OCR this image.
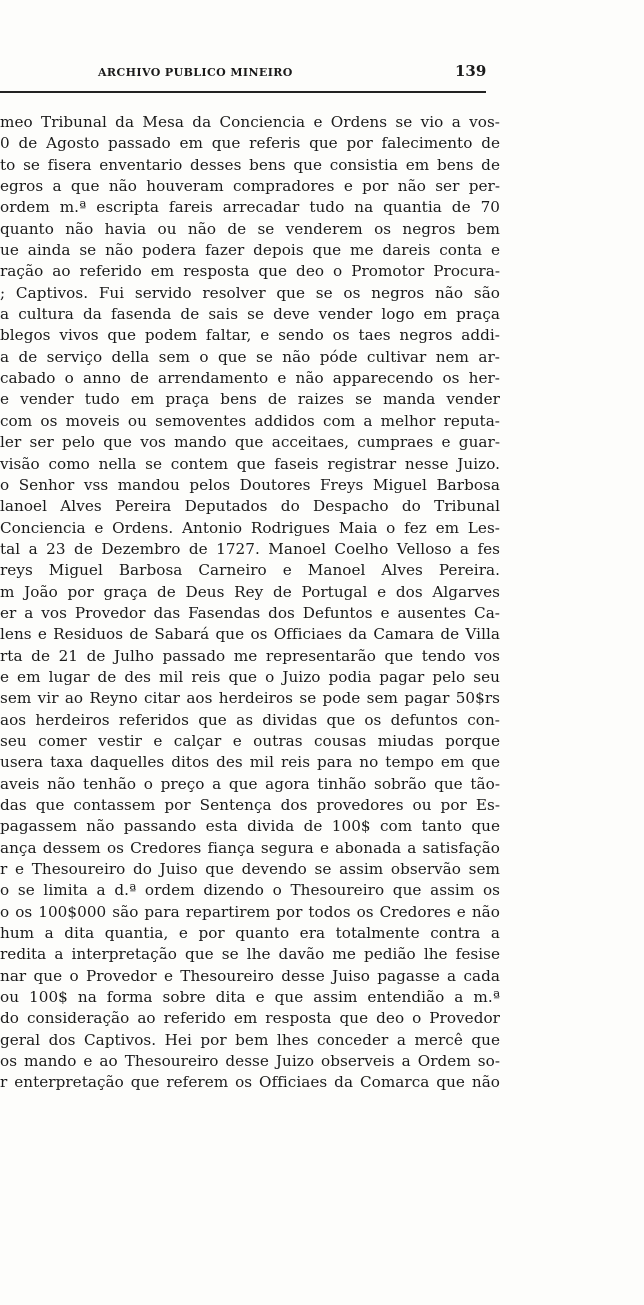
ARCHIVO PUBLICO MINEIRO	139
meo Tribunal da Mesa da Conciencia e Ordens se vio a vos-
0 de Agosto passado em que referis que por falecimento de
to se fisera enventario desses bens que consistia em bens de
egros a que não houveram compradores e por não ser per-
ordem m.ª escripta fareis arrecadar tudo na quantia de 70
quanto não havia ou não de se venderem os negros bem
ue ainda se não podera fazer depois que me dareis conta e
ração ao referido em resposta que deo o Promotor Procura-
; Captivos. Fui servido resolver que se os negros não são
a cultura da fasenda de sais se deve vender logo em praça
blegos vivos que podem faltar, e sendo os taes negros addi-
a de serviço della sem o que se não póde cultivar nem ar-
cabado o anno de arrendamento e não apparecendo os her-
e vender tudo em praça bens de raizes se manda vender
com os moveis ou semoventes addidos com a melhor reputa-
ler ser pelo que vos mando que acceitaes, cumpraes e guar-
visão como nella se contem que faseis registrar nesse Juizo.
o Senhor vss mandou pelos Doutores Freys Miguel Barbosa
lanoel Alves Pereira Deputados do Despacho do Tribunal
Conciencia e Ordens. Antonio Rodrigues Maia o fez em Les-
tal a 23 de Dezembro de 1727. Manoel Coelho Velloso a fes
reys Miguel Barbosa Carneiro e Manoel Alves Pereira.
m João por graça de Deus Rey de Portugal e dos Algarves
er a vos Provedor das Fasendas dos Defuntos e ausentes Ca-
lens e Residuos de Sabará que os Officiaes da Camara de Villa
rta de 21 de Julho passado me representarão que tendo vos
e em lugar de des mil reis que o Juizo podia pagar pelo seu
sem vir ao Reyno citar aos herdeiros se pode sem pagar 50$rs
aos herdeiros referidos que as dividas que os defuntos con-
seu comer vestir e calçar e outras cousas miudas porque
usera taxa daquelles ditos des mil reis para no tempo em que
aveis não tenhão o preço a que agora tinhão sobrão que tão-
das que contassem por Sentença dos provedores ou por Es-
pagassem não passando esta divida de 100$ com tanto que
ança dessem os Credores fiança segura e abonada a satisfação
r e Thesoureiro do Juiso que devendo se assim observão sem
o se limita a d.ª ordem dizendo o Thesoureiro que assim os
o os 100$000 são para repartirem por todos os Credores e não
hum a dita quantia, e por quanto era totalmente contra a
redita a interpretação que se lhe davão me pedião lhe fesise
nar que o Provedor e Thesoureiro desse Juiso pagasse a cada
ou 100$ na forma sobre dita e que assim entendião a m.ª
do consideração ao referido em resposta que deo o Provedor
geral dos Captivos. Hei por bem lhes conceder a mercê que
os mando e ao Thesoureiro desse Juizo observeis a Ordem so-
r enterpretação que referem os Officiaes da Comarca que não
